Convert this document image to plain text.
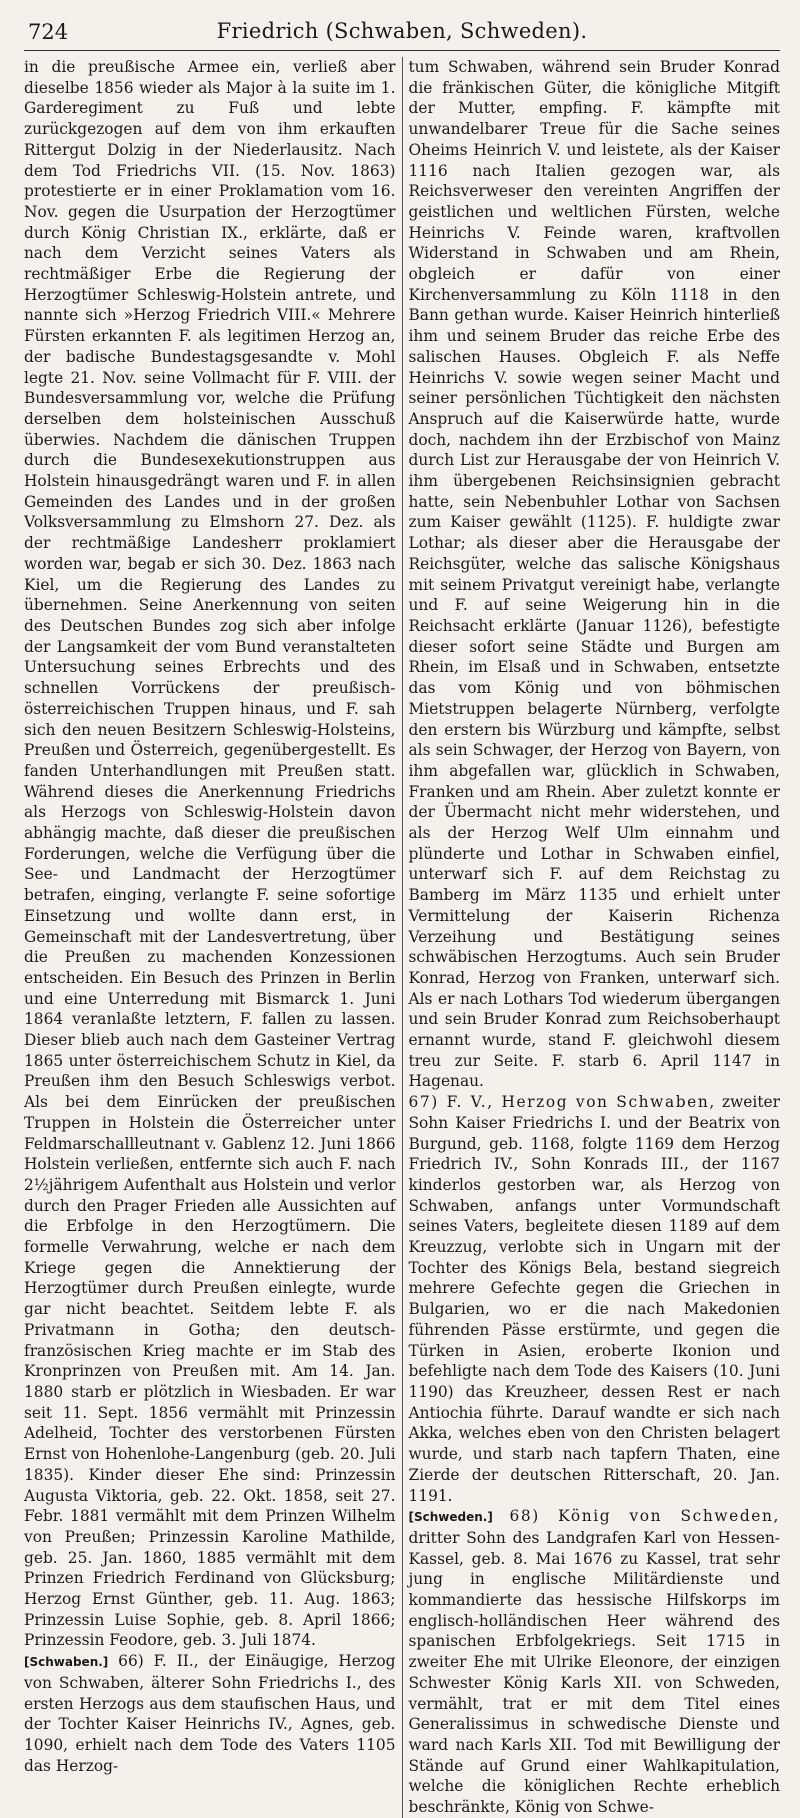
724	Friedrich (Schwaben, Schweden).

in die preußische Armee ein, verließ aber dieselbe 1856 wieder als Major à la suite im 1. Garderegiment zu Fuß und lebte zurückgezogen auf dem von ihm erkauften Rittergut Dolzig in der Niederlausitz. Nach dem Tod Friedrichs VII. (15. Nov. 1863) protestierte er in einer Proklamation vom 16. Nov. gegen die Usurpation der Herzogtümer durch König Christian IX., erklärte, daß er nach dem Verzicht seines Vaters als rechtmäßiger Erbe die Regierung der Herzogtümer Schleswig-Holstein antrete, und nannte sich »Herzog Friedrich VIII.« Mehrere Fürsten erkannten F. als legitimen Herzog an, der badische Bundestagsgesandte v. Mohl legte 21. Nov. seine Vollmacht für F. VIII. der Bundesversammlung vor, welche die Prüfung derselben dem holsteinischen Ausschuß überwies. Nachdem die dänischen Truppen durch die Bundesexekutionstruppen aus Holstein hinausgedrängt waren und F. in allen Gemeinden des Landes und in der großen Volksversammlung zu Elmshorn 27. Dez. als der rechtmäßige Landesherr proklamiert worden war, begab er sich 30. Dez. 1863 nach Kiel, um die Regierung des Landes zu übernehmen. Seine Anerkennung von seiten des Deutschen Bundes zog sich aber infolge der Langsamkeit der vom Bund veranstalteten Untersuchung seines Erbrechts und des schnellen Vorrückens der preußisch-österreichischen Truppen hinaus, und F. sah sich den neuen Besitzern Schleswig-Holsteins, Preußen und Österreich, gegenübergestellt. Es fanden Unterhandlungen mit Preußen statt. Während dieses die Anerkennung Friedrichs als Herzogs von Schleswig-Holstein davon abhängig machte, daß dieser die preußischen Forderungen, welche die Verfügung über die See- und Landmacht der Herzogtümer betrafen, einging, verlangte F. seine sofortige Einsetzung und wollte dann erst, in Gemeinschaft mit der Landesvertretung, über die Preußen zu machenden Konzessionen entscheiden. Ein Besuch des Prinzen in Berlin und eine Unterredung mit Bismarck 1. Juni 1864 veranlaßte letztern, F. fallen zu lassen. Dieser blieb auch nach dem Gasteiner Vertrag 1865 unter österreichischem Schutz in Kiel, da Preußen ihm den Besuch Schleswigs verbot. Als bei dem Einrücken der preußischen Truppen in Holstein die Österreicher unter Feldmarschallleutnant v. Gablenz 12. Juni 1866 Holstein verließen, entfernte sich auch F. nach 2½jährigem Aufenthalt aus Holstein und verlor durch den Prager Frieden alle Aussichten auf die Erbfolge in den Herzogtümern. Die formelle Verwahrung, welche er nach dem Kriege gegen die Annektierung der Herzogtümer durch Preußen einlegte, wurde gar nicht beachtet. Seitdem lebte F. als Privatmann in Gotha; den deutsch-französischen Krieg machte er im Stab des Kronprinzen von Preußen mit. Am 14. Jan. 1880 starb er plötzlich in Wiesbaden. Er war seit 11. Sept. 1856 vermählt mit Prinzessin Adelheid, Tochter des verstorbenen Fürsten Ernst von Hohenlohe-Langenburg (geb. 20. Juli 1835). Kinder dieser Ehe sind: Prinzessin Augusta Viktoria, geb. 22. Okt. 1858, seit 27. Febr. 1881 vermählt mit dem Prinzen Wilhelm von Preußen; Prinzessin Karoline Mathilde, geb. 25. Jan. 1860, 1885 vermählt mit dem Prinzen Friedrich Ferdinand von Glücksburg; Herzog Ernst Günther, geb. 11. Aug. 1863; Prinzessin Luise Sophie, geb. 8. April 1866; Prinzessin Feodore, geb. 3. Juli 1874.

[Schwaben.] 66) F. II., der Einäugige, Herzog von Schwaben, älterer Sohn Friedrichs I., des ersten Herzogs aus dem staufischen Haus, und der Tochter Kaiser Heinrichs IV., Agnes, geb. 1090, erhielt nach dem Tode des Vaters 1105 das Herzog-

tum Schwaben, während sein Bruder Konrad die fränkischen Güter, die königliche Mitgift der Mutter, empfing. F. kämpfte mit unwandelbarer Treue für die Sache seines Oheims Heinrich V. und leistete, als der Kaiser 1116 nach Italien gezogen war, als Reichsverweser den vereinten Angriffen der geistlichen und weltlichen Fürsten, welche Heinrichs V. Feinde waren, kraftvollen Widerstand in Schwaben und am Rhein, obgleich er dafür von einer Kirchenversammlung zu Köln 1118 in den Bann gethan wurde. Kaiser Heinrich hinterließ ihm und seinem Bruder das reiche Erbe des salischen Hauses. Obgleich F. als Neffe Heinrichs V. sowie wegen seiner Macht und seiner persönlichen Tüchtigkeit den nächsten Anspruch auf die Kaiserwürde hatte, wurde doch, nachdem ihn der Erzbischof von Mainz durch List zur Herausgabe der von Heinrich V. ihm übergebenen Reichsinsignien gebracht hatte, sein Nebenbuhler Lothar von Sachsen zum Kaiser gewählt (1125). F. huldigte zwar Lothar; als dieser aber die Herausgabe der Reichsgüter, welche das salische Königshaus mit seinem Privatgut vereinigt habe, verlangte und F. auf seine Weigerung hin in die Reichsacht erklärte (Januar 1126), befestigte dieser sofort seine Städte und Burgen am Rhein, im Elsaß und in Schwaben, entsetzte das vom König und von böhmischen Mietstruppen belagerte Nürnberg, verfolgte den erstern bis Würzburg und kämpfte, selbst als sein Schwager, der Herzog von Bayern, von ihm abgefallen war, glücklich in Schwaben, Franken und am Rhein. Aber zuletzt konnte er der Übermacht nicht mehr widerstehen, und als der Herzog Welf Ulm einnahm und plünderte und Lothar in Schwaben einfiel, unterwarf sich F. auf dem Reichstag zu Bamberg im März 1135 und erhielt unter Vermittelung der Kaiserin Richenza Verzeihung und Bestätigung seines schwäbischen Herzogtums. Auch sein Bruder Konrad, Herzog von Franken, unterwarf sich. Als er nach Lothars Tod wiederum übergangen und sein Bruder Konrad zum Reichsoberhaupt ernannt wurde, stand F. gleichwohl diesem treu zur Seite. F. starb 6. April 1147 in Hagenau.

67) F. V., Herzog von Schwaben, zweiter Sohn Kaiser Friedrichs I. und der Beatrix von Burgund, geb. 1168, folgte 1169 dem Herzog Friedrich IV., Sohn Konrads III., der 1167 kinderlos gestorben war, als Herzog von Schwaben, anfangs unter Vormundschaft seines Vaters, begleitete diesen 1189 auf dem Kreuzzug, verlobte sich in Ungarn mit der Tochter des Königs Bela, bestand siegreich mehrere Gefechte gegen die Griechen in Bulgarien, wo er die nach Makedonien führenden Pässe erstürmte, und gegen die Türken in Asien, eroberte Ikonion und befehligte nach dem Tode des Kaisers (10. Juni 1190) das Kreuzheer, dessen Rest er nach Antiochia führte. Darauf wandte er sich nach Akka, welches eben von den Christen belagert wurde, und starb nach tapfern Thaten, eine Zierde der deutschen Ritterschaft, 20. Jan. 1191.

[Schweden.] 68) König von Schweden, dritter Sohn des Landgrafen Karl von Hessen-Kassel, geb. 8. Mai 1676 zu Kassel, trat sehr jung in englische Militärdienste und kommandierte das hessische Hilfskorps im englisch-holländischen Heer während des spanischen Erbfolgekriegs. Seit 1715 in zweiter Ehe mit Ulrike Eleonore, der einzigen Schwester König Karls XII. von Schweden, vermählt, trat er mit dem Titel eines Generalissimus in schwedische Dienste und ward nach Karls XII. Tod mit Bewilligung der Stände auf Grund einer Wahlkapitulation, welche die königlichen Rechte erheblich beschränkte, König von Schwe-
